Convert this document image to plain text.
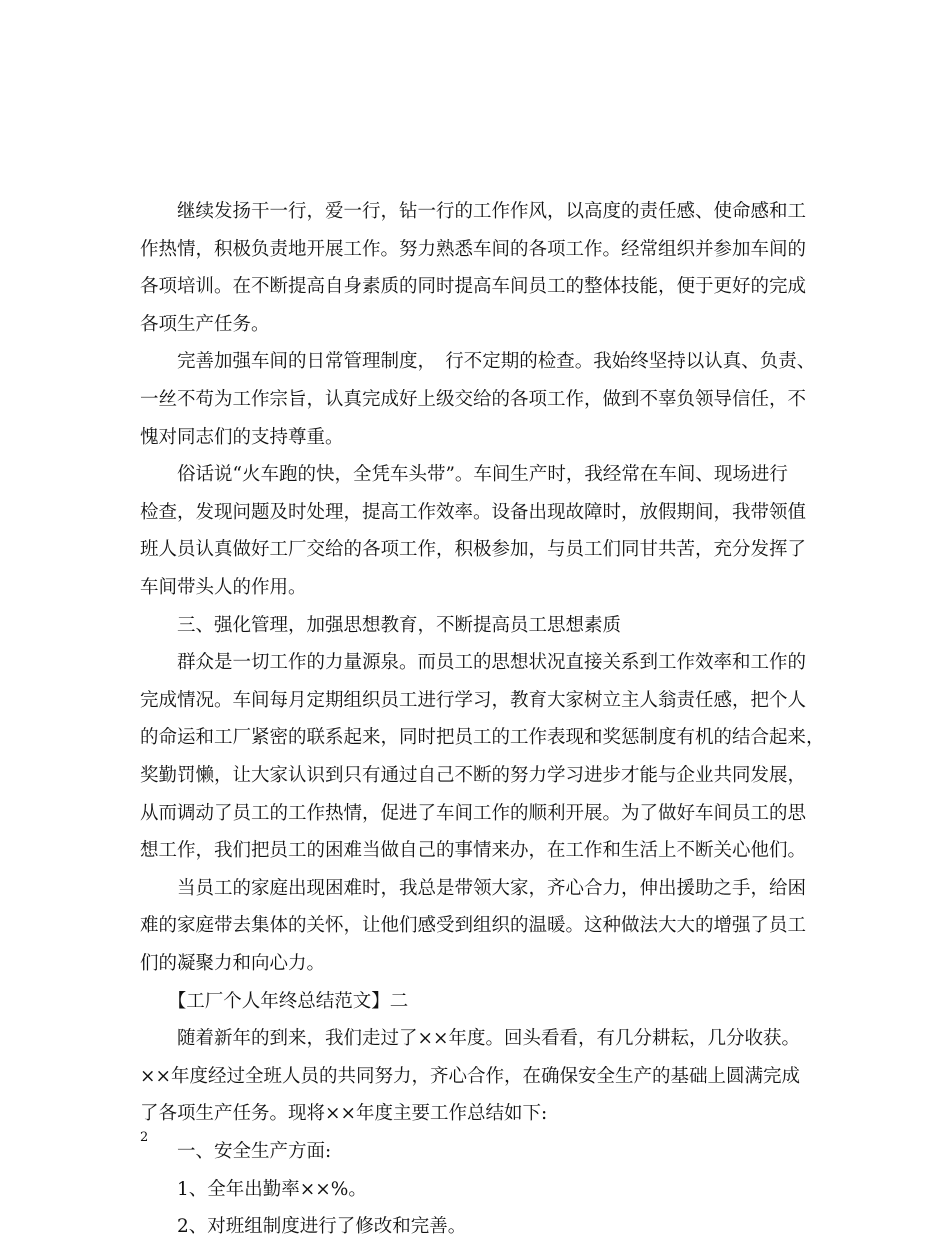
　　继续发扬干一行，爱一行，钻一行的工作作风，以高度的责任感、使命感和工
作热情，积极负责地开展工作。努力熟悉车间的各项工作。经常组织并参加车间的
各项培训。在不断提高自身素质的同时提高车间员工的整体技能，便于更好的完成
各项生产任务。
　　完善加强车间的日常管理制度，　行不定期的检查。我始终坚持以认真、负责、
一丝不苟为工作宗旨，认真完成好上级交给的各项工作，做到不辜负领导信任，不
愧对同志们的支持尊重。
　　俗话说“火车跑的快，全凭车头带”。车间生产时，我经常在车间、现场进行
检查，发现问题及时处理，提高工作效率。设备出现故障时，放假期间，我带领值
班人员认真做好工厂交给的各项工作，积极参加，与员工们同甘共苦，充分发挥了
车间带头人的作用。
　　三、强化管理，加强思想教育，不断提高员工思想素质
　　群众是一切工作的力量源泉。而员工的思想状况直接关系到工作效率和工作的
完成情况。车间每月定期组织员工进行学习，教育大家树立主人翁责任感，把个人
的命运和工厂紧密的联系起来，同时把员工的工作表现和奖惩制度有机的结合起来，
奖勤罚懒，让大家认识到只有通过自己不断的努力学习进步才能与企业共同发展，
从而调动了员工的工作热情，促进了车间工作的顺利开展。为了做好车间员工的思
想工作，我们把员工的困难当做自己的事情来办，在工作和生活上不断关心他们。
　　当员工的家庭出现困难时，我总是带领大家，齐心合力，伸出援助之手，给困
难的家庭带去集体的关怀，让他们感受到组织的温暖。这种做法大大的增强了员工
们的凝聚力和向心力。
　　【工厂个人年终总结范文】二
　　随着新年的到来，我们走过了××年度。回头看看，有几分耕耘，几分收获。
××年度经过全班人员的共同努力，齐心合作，在确保安全生产的基础上圆满完成
了各项生产任务。现将××年度主要工作总结如下:
　　一、安全生产方面:
　　1、全年出勤率××%。
　　2、对班组制度进行了修改和完善。
2
